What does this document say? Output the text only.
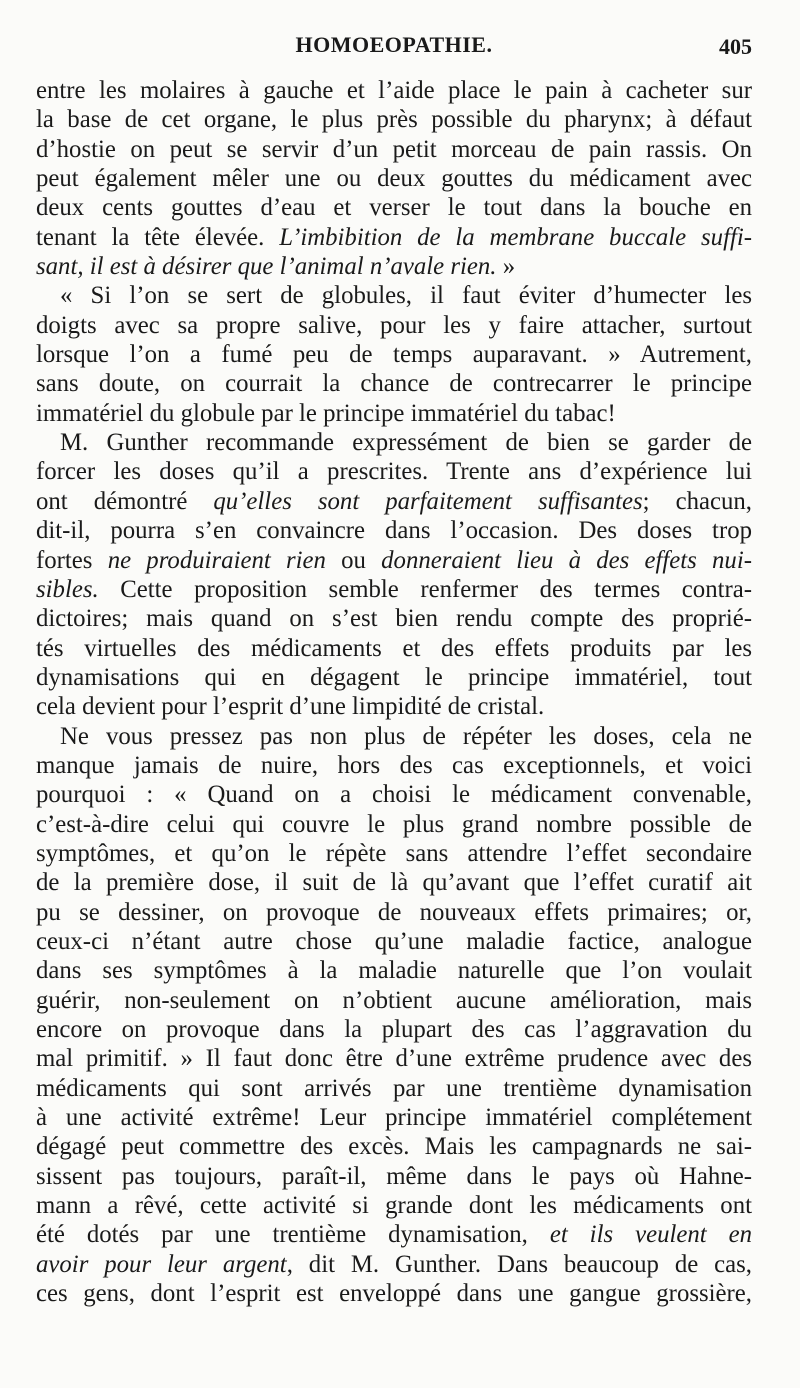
HOMOEOPATHIE.	405
entre les molaires à gauche et l’aide place le pain à cacheter sur
la base de cet organe, le plus près possible du pharynx; à défaut
d’hostie on peut se servir d’un petit morceau de pain rassis. On
peut également mêler une ou deux gouttes du médicament avec
deux cents gouttes d’eau et verser le tout dans la bouche en
tenant la tête élevée. L’imbibition de la membrane buccale suffi-
sant, il est à désirer que l’animal n’avale rien. »
« Si l’on se sert de globules, il faut éviter d’humecter les
doigts avec sa propre salive, pour les y faire attacher, surtout
lorsque l’on a fumé peu de temps auparavant. » Autrement,
sans doute, on courrait la chance de contrecarrer le principe
immatériel du globule par le principe immatériel du tabac!
M. Gunther recommande expressément de bien se garder de
forcer les doses qu’il a prescrites. Trente ans d’expérience lui
ont démontré qu’elles sont parfaitement suffisantes; chacun,
dit-il, pourra s’en convaincre dans l’occasion. Des doses trop
fortes ne produiraient rien ou donneraient lieu à des effets nui-
sibles. Cette proposition semble renfermer des termes contra-
dictoires; mais quand on s’est bien rendu compte des proprié-
tés virtuelles des médicaments et des effets produits par les
dynamisations qui en dégagent le principe immatériel, tout
cela devient pour l’esprit d’une limpidité de cristal.
Ne vous pressez pas non plus de répéter les doses, cela ne
manque jamais de nuire, hors des cas exceptionnels, et voici
pourquoi : « Quand on a choisi le médicament convenable,
c’est-à-dire celui qui couvre le plus grand nombre possible de
symptômes, et qu’on le répète sans attendre l’effet secondaire
de la première dose, il suit de là qu’avant que l’effet curatif ait
pu se dessiner, on provoque de nouveaux effets primaires; or,
ceux-ci n’étant autre chose qu’une maladie factice, analogue
dans ses symptômes à la maladie naturelle que l’on voulait
guérir, non-seulement on n’obtient aucune amélioration, mais
encore on provoque dans la plupart des cas l’aggravation du
mal primitif. » Il faut donc être d’une extrême prudence avec des
médicaments qui sont arrivés par une trentième dynamisation
à une activité extrême! Leur principe immatériel complétement
dégagé peut commettre des excès. Mais les campagnards ne sai-
sissent pas toujours, paraît-il, même dans le pays où Hahne-
mann a rêvé, cette activité si grande dont les médicaments ont
été dotés par une trentième dynamisation, et ils veulent en
avoir pour leur argent, dit M. Gunther. Dans beaucoup de cas,
ces gens, dont l’esprit est enveloppé dans une gangue grossière,
